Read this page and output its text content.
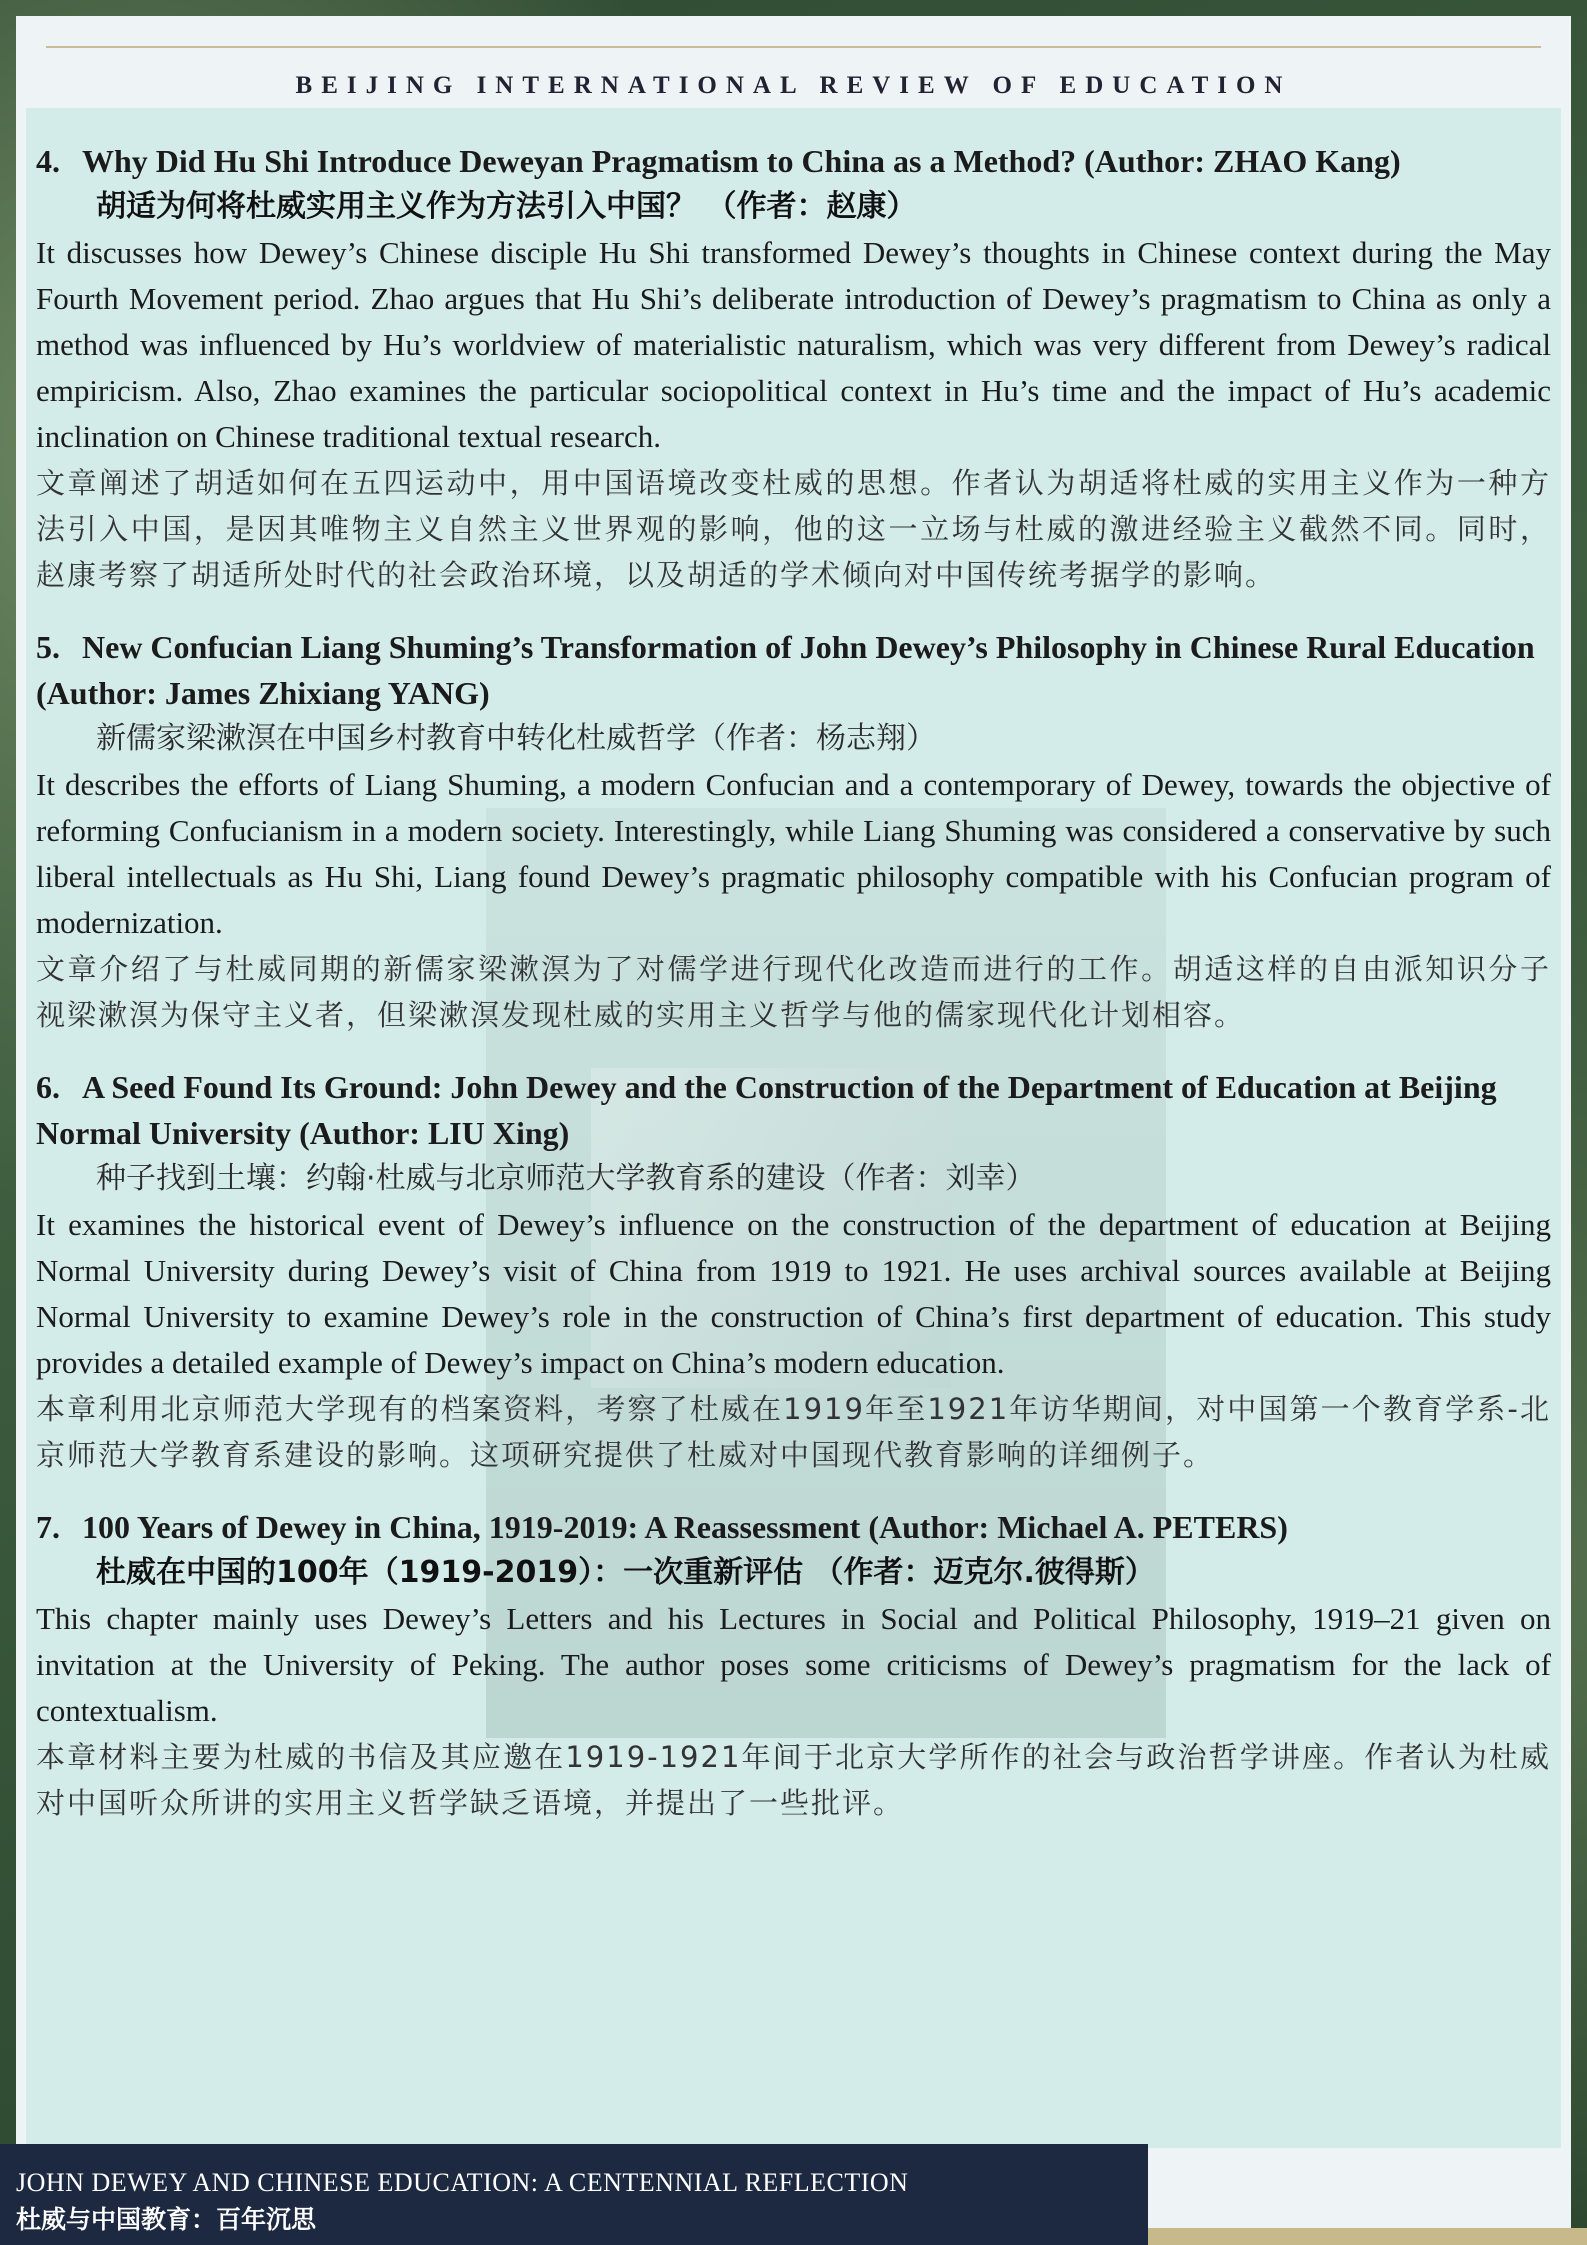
BEIJING INTERNATIONAL REVIEW OF EDUCATION

4. Why Did Hu Shi Introduce Deweyan Pragmatism to China as a Method? (Author: ZHAO Kang)

胡适为何将杜威实用主义作为方法引入中国？ （作者：赵康）

It discusses how Dewey’s Chinese disciple Hu Shi transformed Dewey’s thoughts in Chinese context during the May Fourth Movement period. Zhao argues that Hu Shi’s deliberate introduction of Dewey’s pragmatism to China as only a method was influenced by Hu’s worldview of materialistic naturalism, which was very different from Dewey’s radical empiricism. Also, Zhao examines the particular sociopolitical context in Hu’s time and the impact of Hu’s academic inclination on Chinese traditional textual research.

文章阐述了胡适如何在五四运动中，用中国语境改变杜威的思想。作者认为胡适将杜威的实用主义作为一种方法引入中国，是因其唯物主义自然主义世界观的影响，他的这一立场与杜威的激进经验主义截然不同。同时，赵康考察了胡适所处时代的社会政治环境，以及胡适的学术倾向对中国传统考据学的影响。

5. New Confucian Liang Shuming’s Transformation of John Dewey’s Philosophy in Chinese Rural Education (Author: James Zhixiang YANG)

新儒家梁漱溟在中国乡村教育中转化杜威哲学（作者：杨志翔）

It describes the efforts of Liang Shuming, a modern Confucian and a contemporary of Dewey, towards the objective of reforming Confucianism in a modern society. Interestingly, while Liang Shuming was considered a conservative by such liberal intellectuals as Hu Shi, Liang found Dewey’s pragmatic philosophy compatible with his Confucian program of modernization.

文章介绍了与杜威同期的新儒家梁漱溟为了对儒学进行现代化改造而进行的工作。胡适这样的自由派知识分子视梁漱溟为保守主义者，但梁漱溟发现杜威的实用主义哲学与他的儒家现代化计划相容。

6. A Seed Found Its Ground: John Dewey and the Construction of the Department of Education at Beijing Normal University (Author: LIU Xing)

种子找到土壤：约翰·杜威与北京师范大学教育系的建设（作者：刘幸）

It examines the historical event of Dewey’s influence on the construction of the department of education at Beijing Normal University during Dewey’s visit of China from 1919 to 1921. He uses archival sources available at Beijing Normal University to examine Dewey’s role in the construction of China’s first department of education. This study provides a detailed example of Dewey’s impact on China’s modern education.

本章利用北京师范大学现有的档案资料，考察了杜威在1919年至1921年访华期间，对中国第一个教育学系-北京师范大学教育系建设的影响。这项研究提供了杜威对中国现代教育影响的详细例子。

7. 100 Years of Dewey in China, 1919-2019: A Reassessment (Author: Michael A. PETERS)

杜威在中国的100年（1919-2019）：一次重新评估 （作者：迈克尔.彼得斯）

This chapter mainly uses Dewey’s Letters and his Lectures in Social and Political Philosophy, 1919–21 given on invitation at the University of Peking. The author poses some criticisms of Dewey’s pragmatism for the lack of contextualism.

本章材料主要为杜威的书信及其应邀在1919-1921年间于北京大学所作的社会与政治哲学讲座。作者认为杜威对中国听众所讲的实用主义哲学缺乏语境，并提出了一些批评。

JOHN DEWEY AND CHINESE EDUCATION: A CENTENNIAL REFLECTION
杜威与中国教育：百年沉思
